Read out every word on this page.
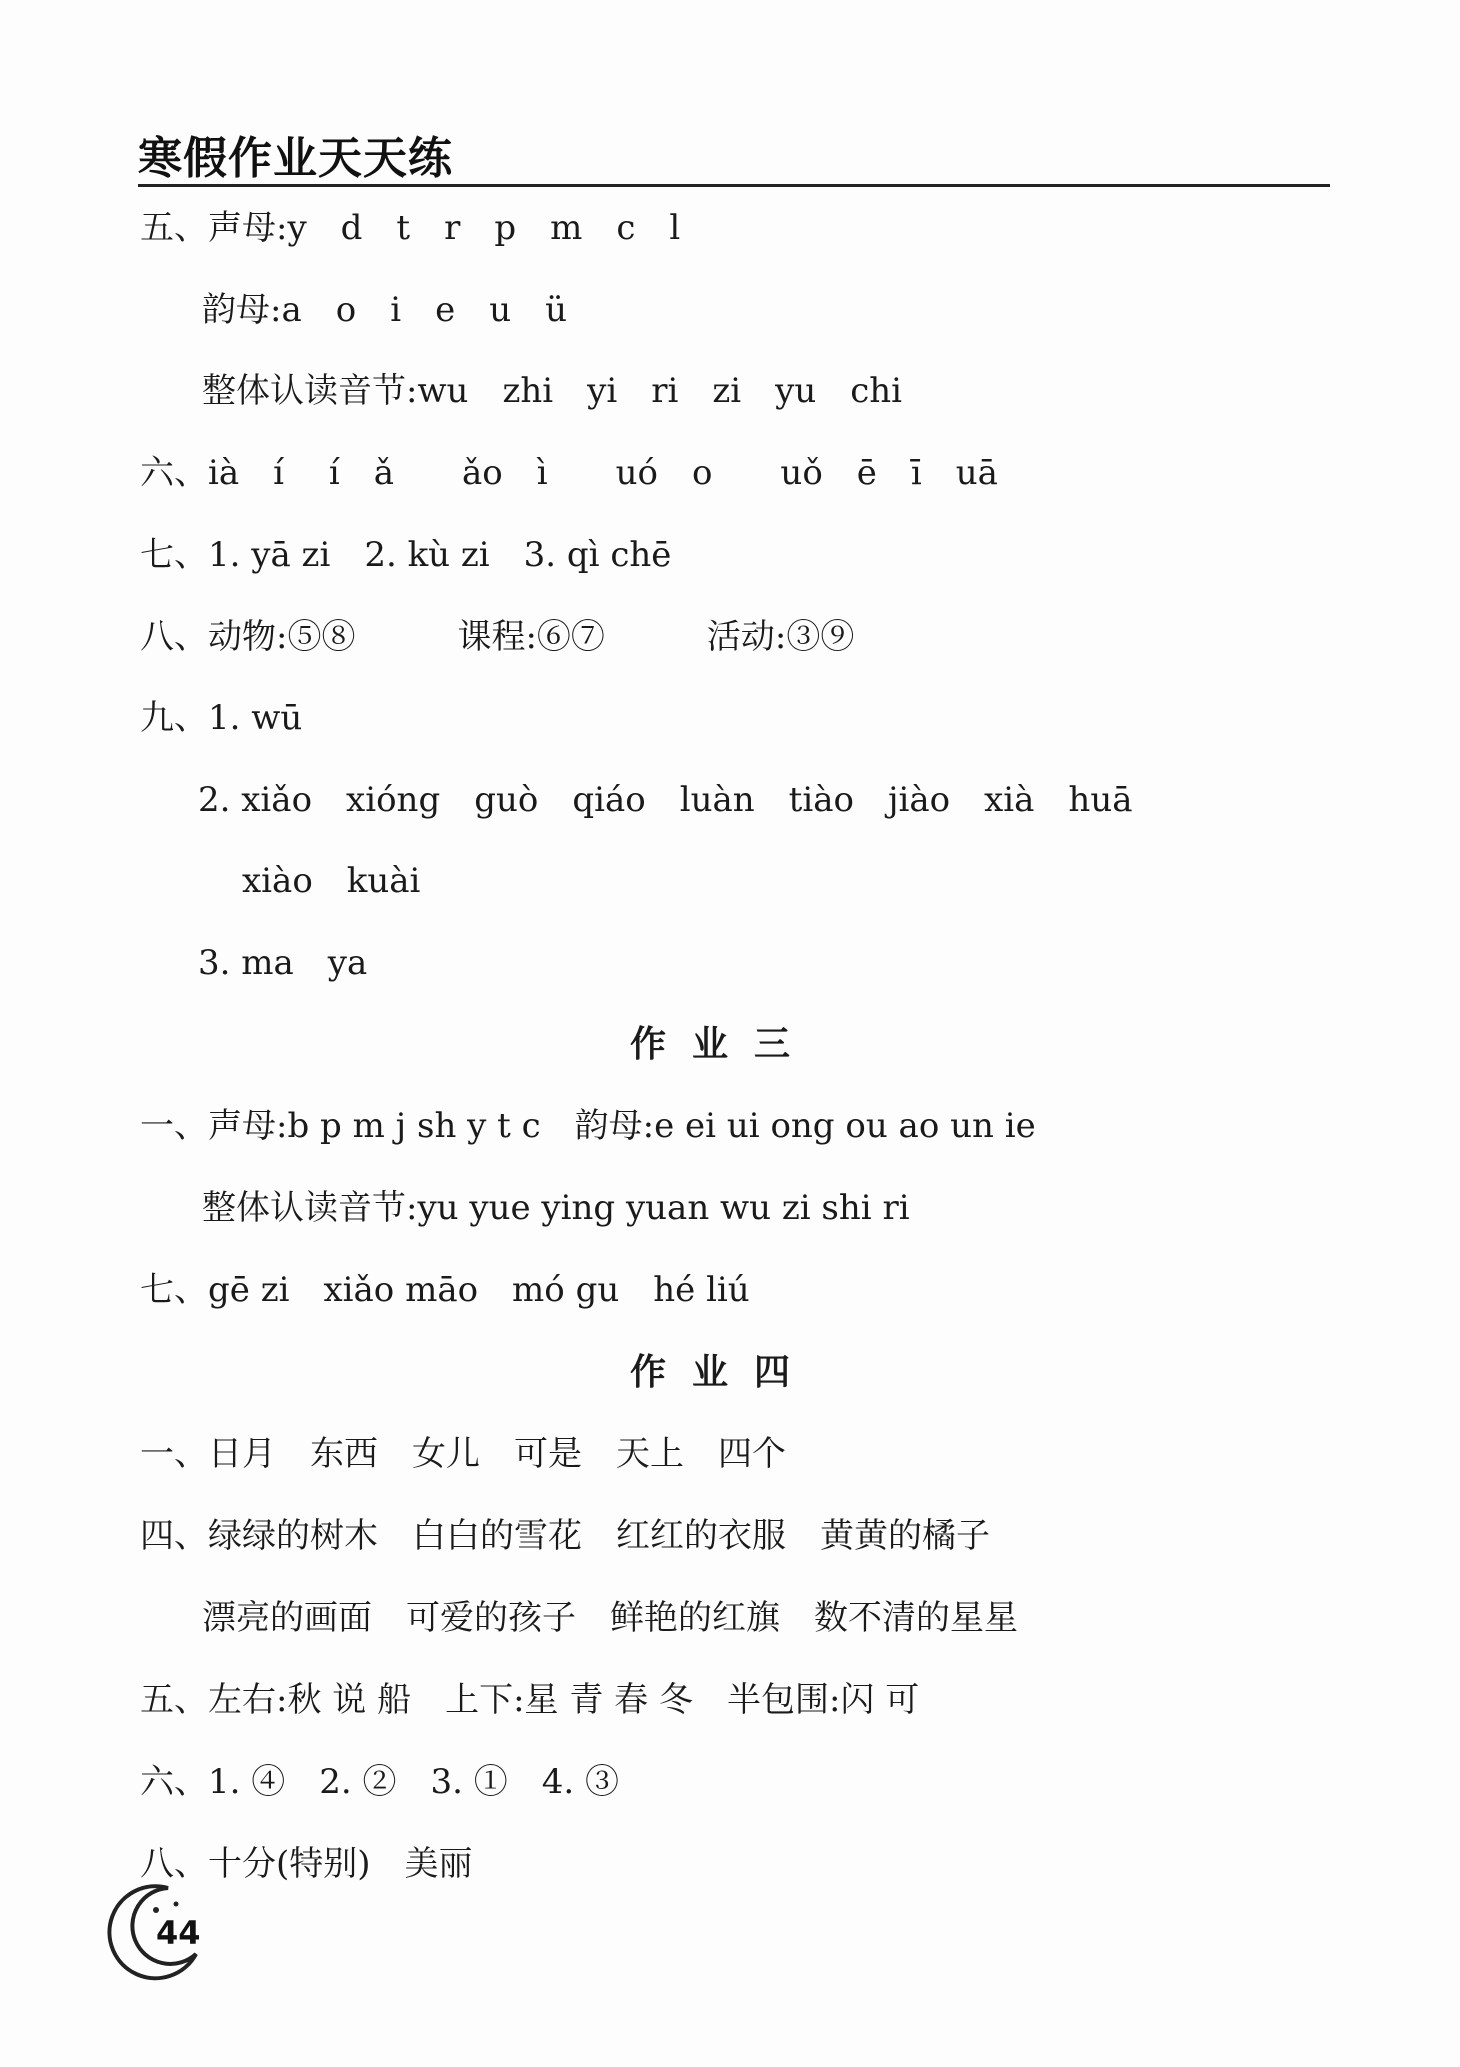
寒假作业天天练
五、声母:y　d　t　r　p　m　c　l
韵母:a　o　i　e　u　ü
整体认读音节:wu　zhi　yi　ri　zi　yu　chi
六、ià　í　 í　ǎ　　ǎo　ì　　uó　o　　uǒ　ē　ī　uā
七、1. yā zi　2. kù zi　3. qì chē
八、动物:⑤⑧　　　课程:⑥⑦　　　活动:③⑨
九、1. wū
2. xiǎo　xióng　guò　qiáo　luàn　tiào　jiào　xià　huā
xiào　kuài
3. ma　ya
作业三
一、声母:b p m j sh y t c　韵母:e ei ui ong ou ao un ie
整体认读音节:yu yue ying yuan wu zi shi ri
七、gē zi　xiǎo māo　mó gu　hé liú
作业四
一、日月　东西　女儿　可是　天上　四个
四、绿绿的树木　白白的雪花　红红的衣服　黄黄的橘子
漂亮的画面　可爱的孩子　鲜艳的红旗　数不清的星星
五、左右:秋 说 船　上下:星 青 春 冬　半包围:闪 可
六、1. ④　2. ②　3. ①　4. ③
八、十分(特别)　美丽
44
